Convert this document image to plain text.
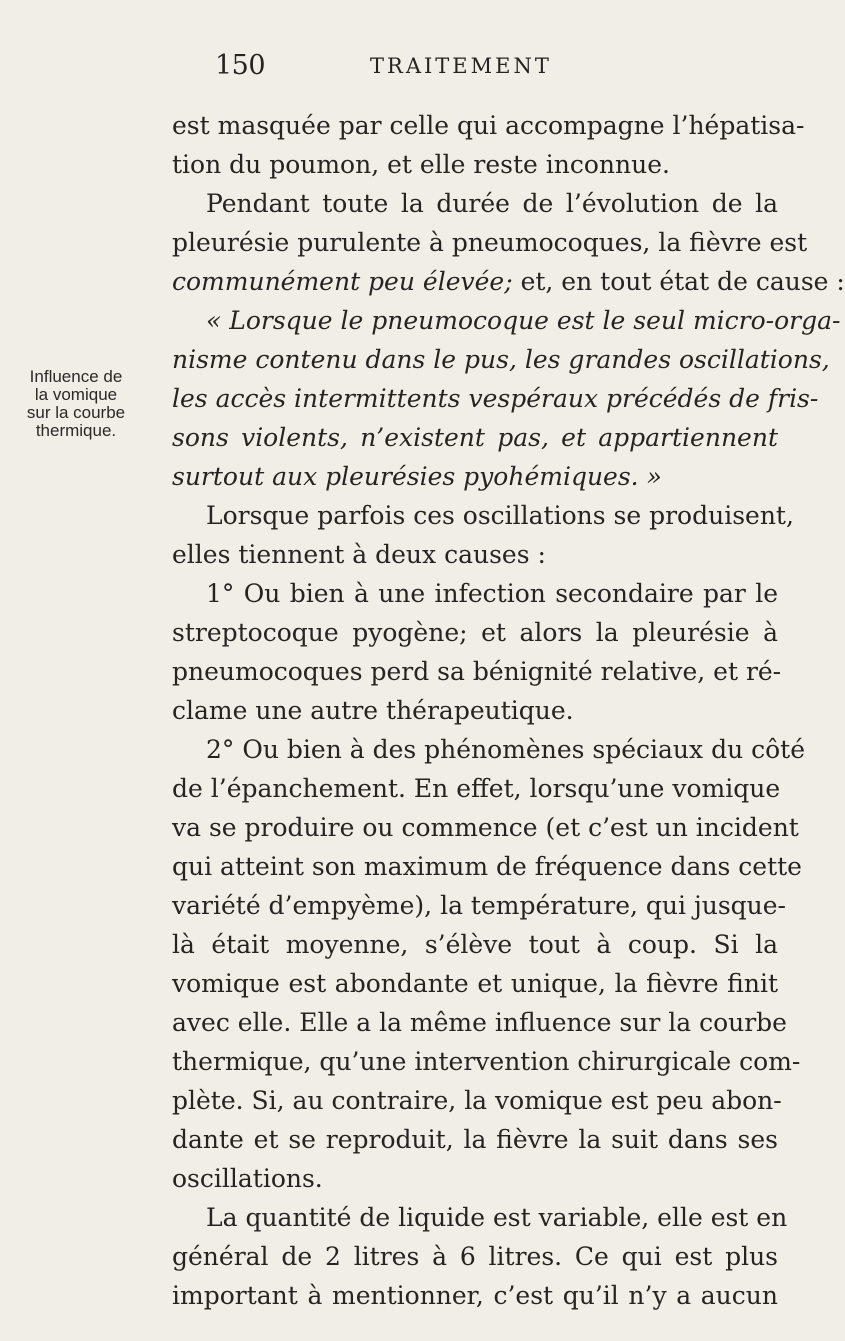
150	TRAITEMENT
Influence de
la vomique
sur la courbe
thermique.
est masquée par celle qui accompagne l’hépatisa-
tion du poumon, et elle reste inconnue.
Pendant toute la durée de l’évolution de la
pleurésie purulente à pneumocoques, la fièvre est
communément peu élevée; et, en tout état de cause :
« Lorsque le pneumocoque est le seul micro-orga-
nisme contenu dans le pus, les grandes oscillations,
les accès intermittents vespéraux précédés de fris-
sons violents, n’existent pas, et appartiennent
surtout aux pleurésies pyohémiques. »
Lorsque parfois ces oscillations se produisent,
elles tiennent à deux causes :
1° Ou bien à une infection secondaire par le
streptocoque pyogène; et alors la pleurésie à
pneumocoques perd sa bénignité relative, et ré-
clame une autre thérapeutique.
2° Ou bien à des phénomènes spéciaux du côté
de l’épanchement. En effet, lorsqu’une vomique
va se produire ou commence (et c’est un incident
qui atteint son maximum de fréquence dans cette
variété d’empyème), la température, qui jusque-
là était moyenne, s’élève tout à coup. Si la
vomique est abondante et unique, la fièvre finit
avec elle. Elle a la même influence sur la courbe
thermique, qu’une intervention chirurgicale com-
plète. Si, au contraire, la vomique est peu abon-
dante et se reproduit, la fièvre la suit dans ses
oscillations.
La quantité de liquide est variable, elle est en
général de 2 litres à 6 litres. Ce qui est plus
important à mentionner, c’est qu’il n’y a aucun
